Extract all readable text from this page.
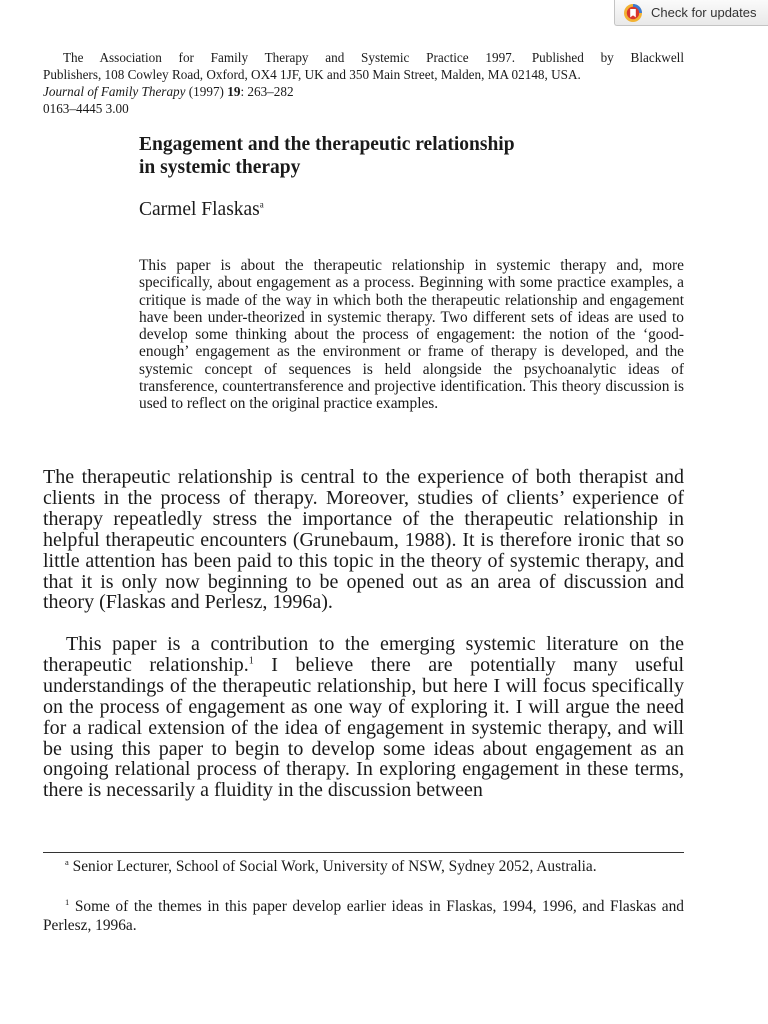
Check for updates
The Association for Family Therapy and Systemic Practice 1997. Published by Blackwell
Publishers, 108 Cowley Road, Oxford, OX4 1JF, UK and 350 Main Street, Malden, MA 02148, USA.
Journal of Family Therapy (1997) 19: 263–282
0163–4445 3.00
Engagement and the therapeutic relationship
in systemic therapy
Carmel Flaskas$^a$

This paper is about the therapeutic relationship in systemic therapy and, more specifically, about engagement as a process. Beginning with some practice examples, a critique is made of the way in which both the therapeutic relationship and engagement have been under-theorized in systemic therapy. Two different sets of ideas are used to develop some thinking about the process of engagement: the notion of the ‘good-enough’ engagement as the environment or frame of therapy is developed, and the systemic concept of sequences is held alongside the psychoanalytic ideas of transference, countertransference and projective identification. This theory discussion is used to reflect on the original practice examples.

The therapeutic relationship is central to the experience of both therapist and clients in the process of therapy. Moreover, studies of clients’ experience of therapy repeatledly stress the importance of the therapeutic relationship in helpful therapeutic encounters (Grunebaum, 1988). It is therefore ironic that so little attention has been paid to this topic in the theory of systemic therapy, and that it is only now beginning to be opened out as an area of discussion and theory (Flaskas and Perlesz, 1996a).

This paper is a contribution to the emerging systemic literature on the therapeutic relationship.$^1$ I believe there are potentially many useful understandings of the therapeutic relationship, but here I will focus specifically on the process of engagement as one way of exploring it. I will argue the need for a radical extension of the idea of engagement in systemic therapy, and will be using this paper to begin to develop some ideas about engagement as an ongoing relational process of therapy. In exploring engagement in these terms, there is necessarily a fluidity in the discussion between

$^a$ Senior Lecturer, School of Social Work, University of NSW, Sydney 2052, Australia.

$^1$ Some of the themes in this paper develop earlier ideas in Flaskas, 1994, 1996, and Flaskas and Perlesz, 1996a.
